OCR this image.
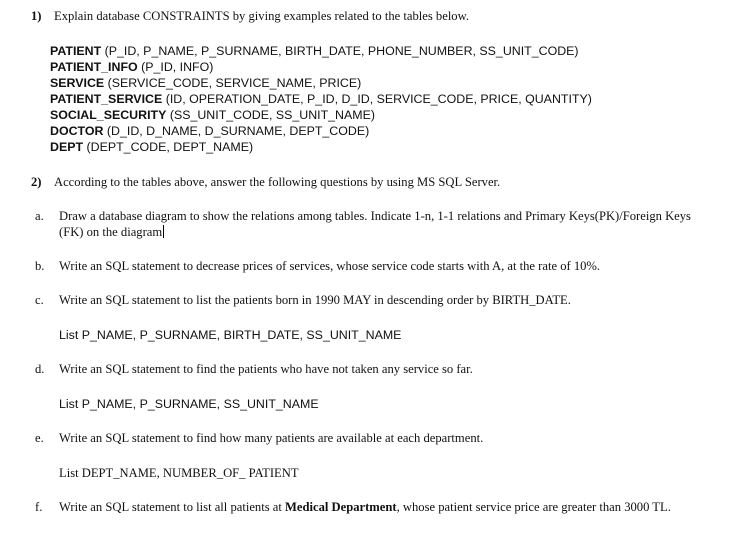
1) Explain database CONSTRAINTS by giving examples related to the tables below.
PATIENT (P_ID, P_NAME, P_SURNAME, BIRTH_DATE, PHONE_NUMBER, SS_UNIT_CODE)
PATIENT_INFO (P_ID, INFO)
SERVICE (SERVICE_CODE, SERVICE_NAME, PRICE)
PATIENT_SERVICE (ID, OPERATION_DATE, P_ID, D_ID, SERVICE_CODE, PRICE, QUANTITY)
SOCIAL_SECURITY (SS_UNIT_CODE, SS_UNIT_NAME)
DOCTOR (D_ID, D_NAME, D_SURNAME, DEPT_CODE)
DEPT (DEPT_CODE, DEPT_NAME)
2) According to the tables above, answer the following questions by using MS SQL Server.
a. Draw a database diagram to show the relations among tables. Indicate 1-n, 1-1 relations and Primary Keys(PK)/Foreign Keys
(FK) on the diagram
b. Write an SQL statement to decrease prices of services, whose service code starts with A, at the rate of 10%.
c. Write an SQL statement to list the patients born in 1990 MAY in descending order by BIRTH_DATE.
List P_NAME, P_SURNAME, BIRTH_DATE, SS_UNIT_NAME
d. Write an SQL statement to find the patients who have not taken any service so far.
List P_NAME, P_SURNAME, SS_UNIT_NAME
e. Write an SQL statement to find how many patients are available at each department.
List DEPT_NAME, NUMBER_OF_ PATIENT
f. Write an SQL statement to list all patients at Medical Department, whose patient service price are greater than 3000 TL.
